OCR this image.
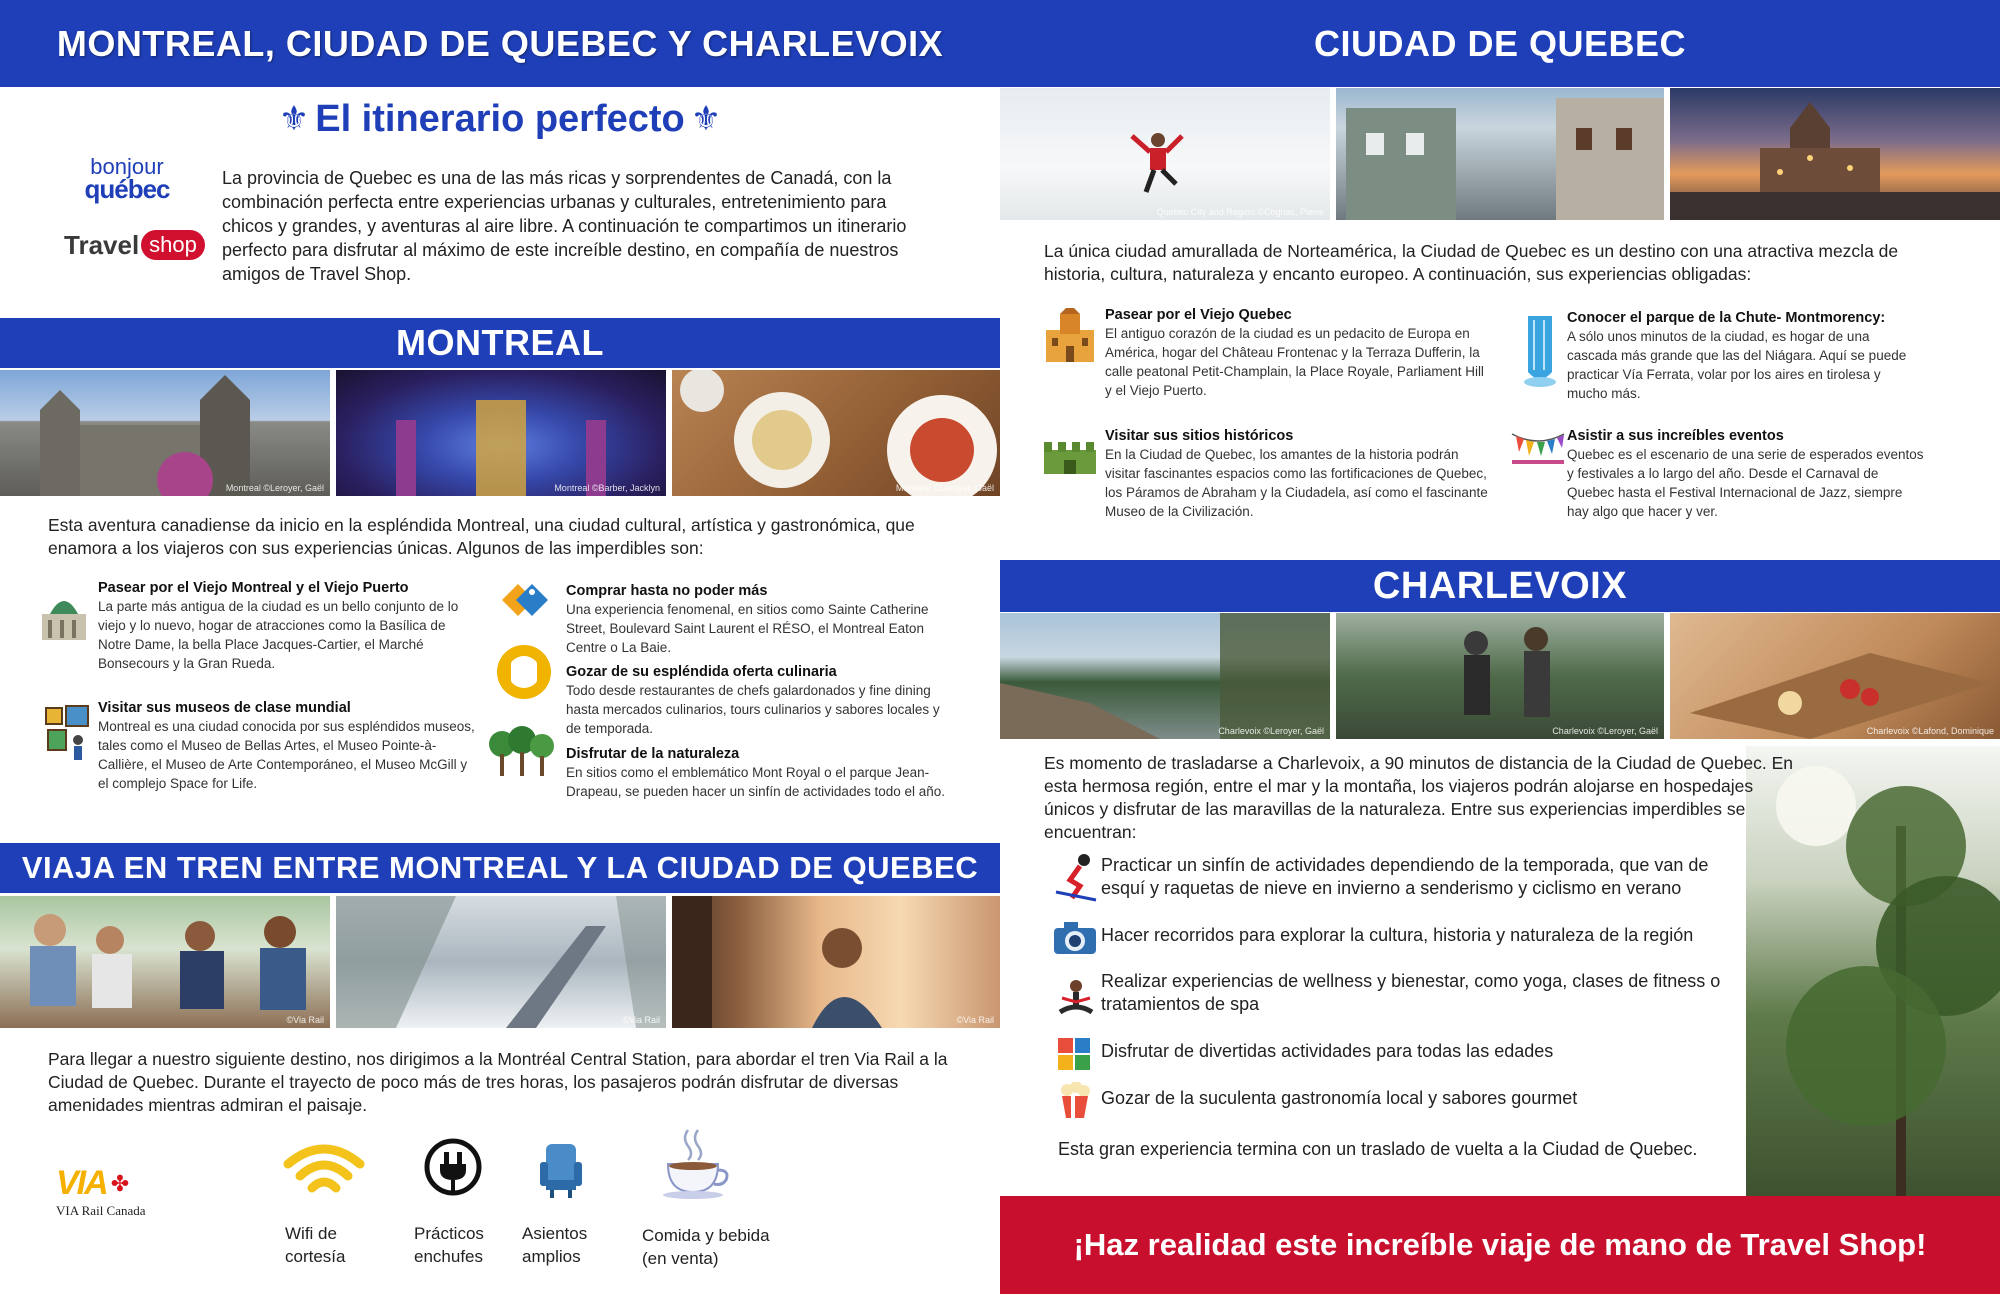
MONTREAL, CIUDAD DE QUEBEC Y CHARLEVOIX
⚜ El itinerario perfecto ⚜
bonjour
québec
Travel shop
La provincia de Quebec es una de las más ricas y sorprendentes de Canadá, con la combinación perfecta entre experiencias urbanas y culturales, entretenimiento para chicos y grandes, y aventuras al aire libre. A continuación te compartimos un itinerario perfecto para disfrutar al máximo de este increíble destino, en compañía de nuestros amigos de Travel Shop.
MONTREAL
Montreal ©Leroyer, Gaël	Montreal ©Barber, Jacklyn	Montreal ©Leroyer, Gaël
Esta aventura canadiense da inicio en la espléndida Montreal, una ciudad cultural, artística y gastronómica, que enamora a los viajeros con sus experiencias únicas. Algunos de las imperdibles son:
Pasear por el Viejo Montreal y el Viejo Puerto
La parte más antigua de la ciudad es un bello conjunto de lo viejo y lo nuevo, hogar de atracciones como la Basílica de Notre Dame, la bella Place Jacques-Cartier, el Marché Bonsecours y la Gran Rueda.
Visitar sus museos de clase mundial
Montreal es una ciudad conocida por sus espléndidos museos, tales como el Museo de Bellas Artes, el Museo Pointe-à-Callière, el Museo de Arte Contemporáneo, el Museo McGill y el complejo Space for Life.
Comprar hasta no poder más
Una experiencia fenomenal, en sitios como Sainte Catherine Street, Boulevard Saint Laurent el RÉSO, el Montreal Eaton Centre o La Baie.
Gozar de su espléndida oferta culinaria
Todo desde restaurantes de chefs galardonados y fine dining hasta mercados culinarios, tours culinarios y sabores locales y de temporada.
Disfrutar de la naturaleza
En sitios como el emblemático Mont Royal o el parque Jean-Drapeau, se pueden hacer un sinfín de actividades todo el año.
VIAJA EN TREN ENTRE MONTREAL Y LA CIUDAD DE QUEBEC
©Via Rail	©Via Rail	©Via Rail
Para llegar a nuestro siguiente destino, nos dirigimos a la Montréal Central Station, para abordar el tren Via Rail a la Ciudad de Quebec. Durante el trayecto de poco más de tres horas, los pasajeros podrán disfrutar de diversas amenidades mientras admiran el paisaje.
VIA ✤
VIA Rail Canada
Wifi de
cortesía
Prácticos
enchufes
Asientos
amplios
Comida y bebida
(en venta)
CIUDAD DE QUEBEC
Quebec City and Region ©Cognac, Pierre
La única ciudad amurallada de Norteamérica, la Ciudad de Quebec es un destino con una atractiva mezcla de historia, cultura, naturaleza y encanto europeo. A continuación, sus experiencias obligadas:
Pasear por el Viejo Quebec
El antiguo corazón de la ciudad es un pedacito de Europa en América, hogar del Château Frontenac y la Terraza Dufferin, la calle peatonal Petit-Champlain, la Place Royale, Parliament Hill y el Viejo Puerto.
Visitar sus sitios históricos
En la Ciudad de Quebec, los amantes de la historia podrán visitar fascinantes espacios como las fortificaciones de Quebec, los Páramos de Abraham y la Ciudadela, así como el fascinante Museo de la Civilización.
Conocer el parque de la Chute- Montmorency:
A sólo unos minutos de la ciudad, es hogar de una cascada más grande que las del Niágara. Aquí se puede practicar Vía Ferrata, volar por los aires en tirolesa y mucho más.
Asistir a sus increíbles eventos
Quebec es el escenario de una serie de esperados eventos y festivales a lo largo del año. Desde el Carnaval de Quebec hasta el Festival Internacional de Jazz, siempre hay algo que hacer y ver.
CHARLEVOIX
Charlevoix ©Leroyer, Gaël	Charlevoix ©Leroyer, Gaël	Charlevoix ©Lafond, Dominique
Es momento de trasladarse a Charlevoix, a 90 minutos de distancia de la Ciudad de Quebec. En esta hermosa región, entre el mar y la montaña, los viajeros podrán alojarse en hospedajes únicos y disfrutar de las maravillas de la naturaleza. Entre sus experiencias imperdibles se encuentran:
Practicar un sinfín de actividades dependiendo de la temporada, que van de esquí y raquetas de nieve en invierno a senderismo y ciclismo en verano
Hacer recorridos para explorar la cultura, historia y naturaleza de la región
Realizar experiencias de wellness y bienestar, como yoga, clases de fitness o tratamientos de spa
Disfrutar de divertidas actividades para todas las edades
Gozar de la suculenta gastronomía local y sabores gourmet
Esta gran experiencia termina con un traslado de vuelta a la Ciudad de Quebec.
¡Haz realidad este increíble viaje de mano de Travel Shop!
